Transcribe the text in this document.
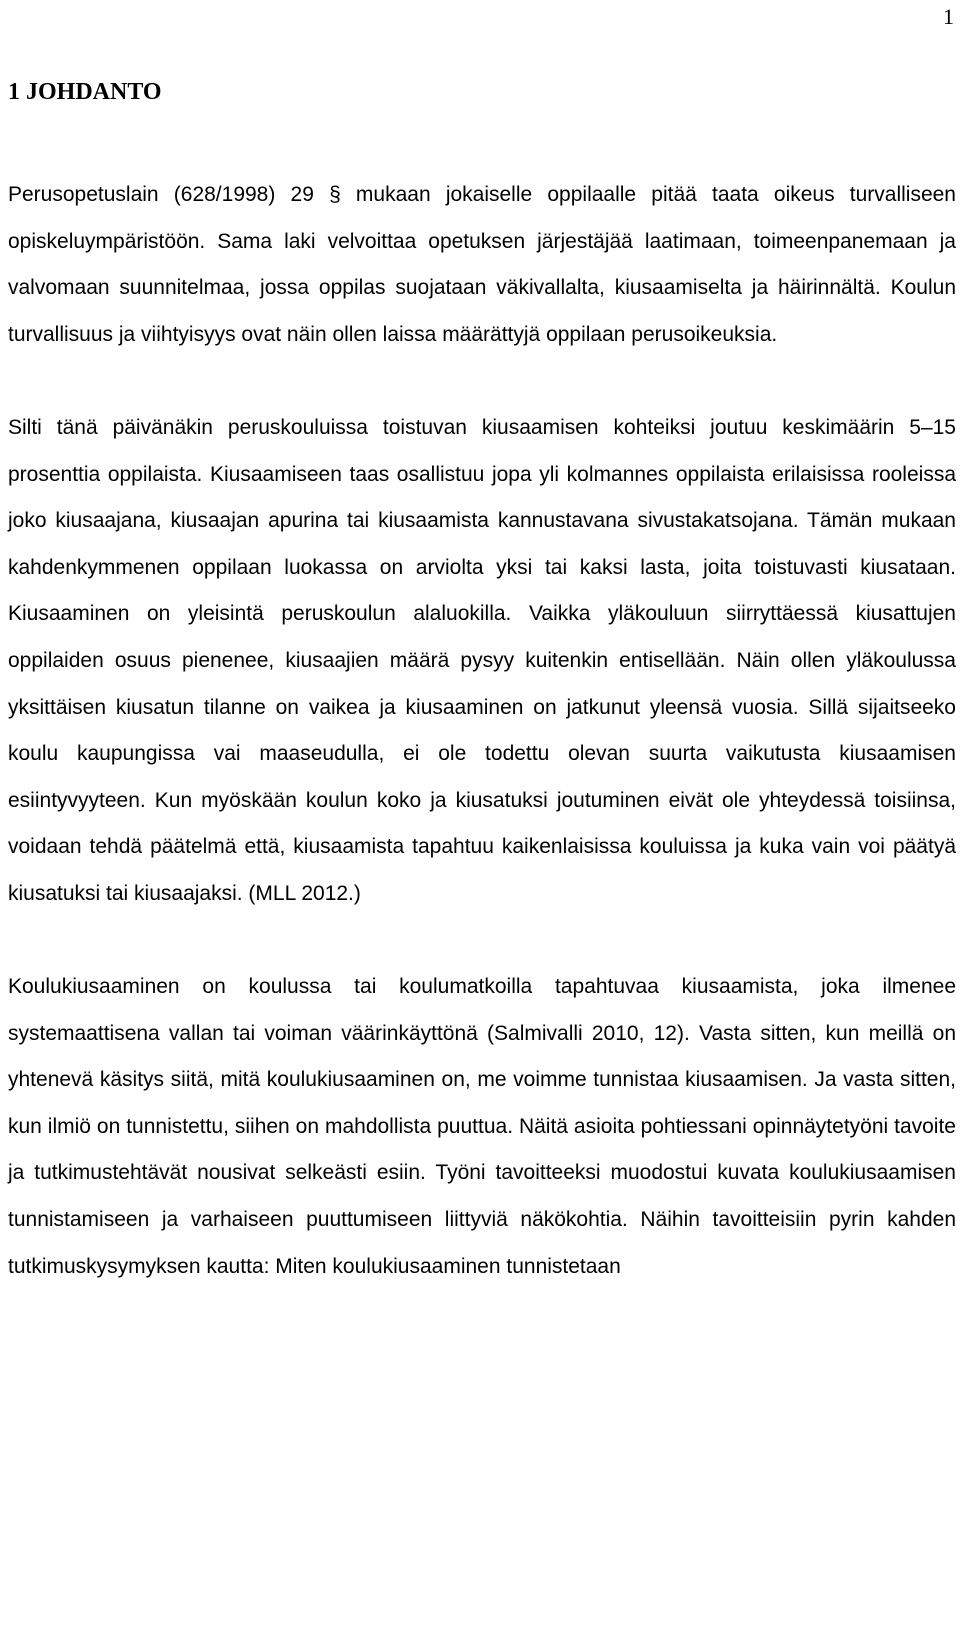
1
1 JOHDANTO

Perusopetuslain (628/1998) 29 § mukaan jokaiselle oppilaalle pitää taata oikeus turvalliseen opiskeluympäristöön. Sama laki velvoittaa opetuksen järjestäjää laatimaan, toimeenpanemaan ja valvomaan suunnitelmaa, jossa oppilas suojataan väkivallalta, kiusaamiselta ja häirinnältä. Koulun turvallisuus ja viihtyisyys ovat näin ollen laissa määrättyjä oppilaan perusoikeuksia.

Silti tänä päivänäkin peruskouluissa toistuvan kiusaamisen kohteiksi joutuu keskimäärin 5–15 prosenttia oppilaista. Kiusaamiseen taas osallistuu jopa yli kolmannes oppilaista erilaisissa rooleissa joko kiusaajana, kiusaajan apurina tai kiusaamista kannustavana sivustakatsojana. Tämän mukaan kahdenkymmenen oppilaan luokassa on arviolta yksi tai kaksi lasta, joita toistuvasti kiusataan. Kiusaaminen on yleisintä peruskoulun alaluokilla. Vaikka yläkouluun siirryttäessä kiusattujen oppilaiden osuus pienenee, kiusaajien määrä pysyy kuitenkin entisellään. Näin ollen yläkoulussa yksittäisen kiusatun tilanne on vaikea ja kiusaaminen on jatkunut yleensä vuosia. Sillä sijaitseeko koulu kaupungissa vai maaseudulla, ei ole todettu olevan suurta vaikutusta kiusaamisen esiintyvyyteen. Kun myöskään koulun koko ja kiusatuksi joutuminen eivät ole yhteydessä toisiinsa, voidaan tehdä päätelmä että, kiusaamista tapahtuu kaikenlaisissa kouluissa ja kuka vain voi päätyä kiusatuksi tai kiusaajaksi. (MLL 2012.)

Koulukiusaaminen on koulussa tai koulumatkoilla tapahtuvaa kiusaamista, joka ilmenee systemaattisena vallan tai voiman väärinkäyttönä (Salmivalli 2010, 12). Vasta sitten, kun meillä on yhtenevä käsitys siitä, mitä koulukiusaaminen on, me voimme tunnistaa kiusaamisen. Ja vasta sitten, kun ilmiö on tunnistettu, siihen on mahdollista puuttua. Näitä asioita pohtiessani opinnäytetyöni tavoite ja tutkimustehtävät nousivat selkeästi esiin. Työni tavoitteeksi muodostui kuvata koulukiusaamisen tunnistamiseen ja varhaiseen puuttumiseen liittyviä näkökohtia. Näihin tavoitteisiin pyrin kahden tutkimuskysymyksen kautta: Miten koulukiusaaminen tunnistetaan
